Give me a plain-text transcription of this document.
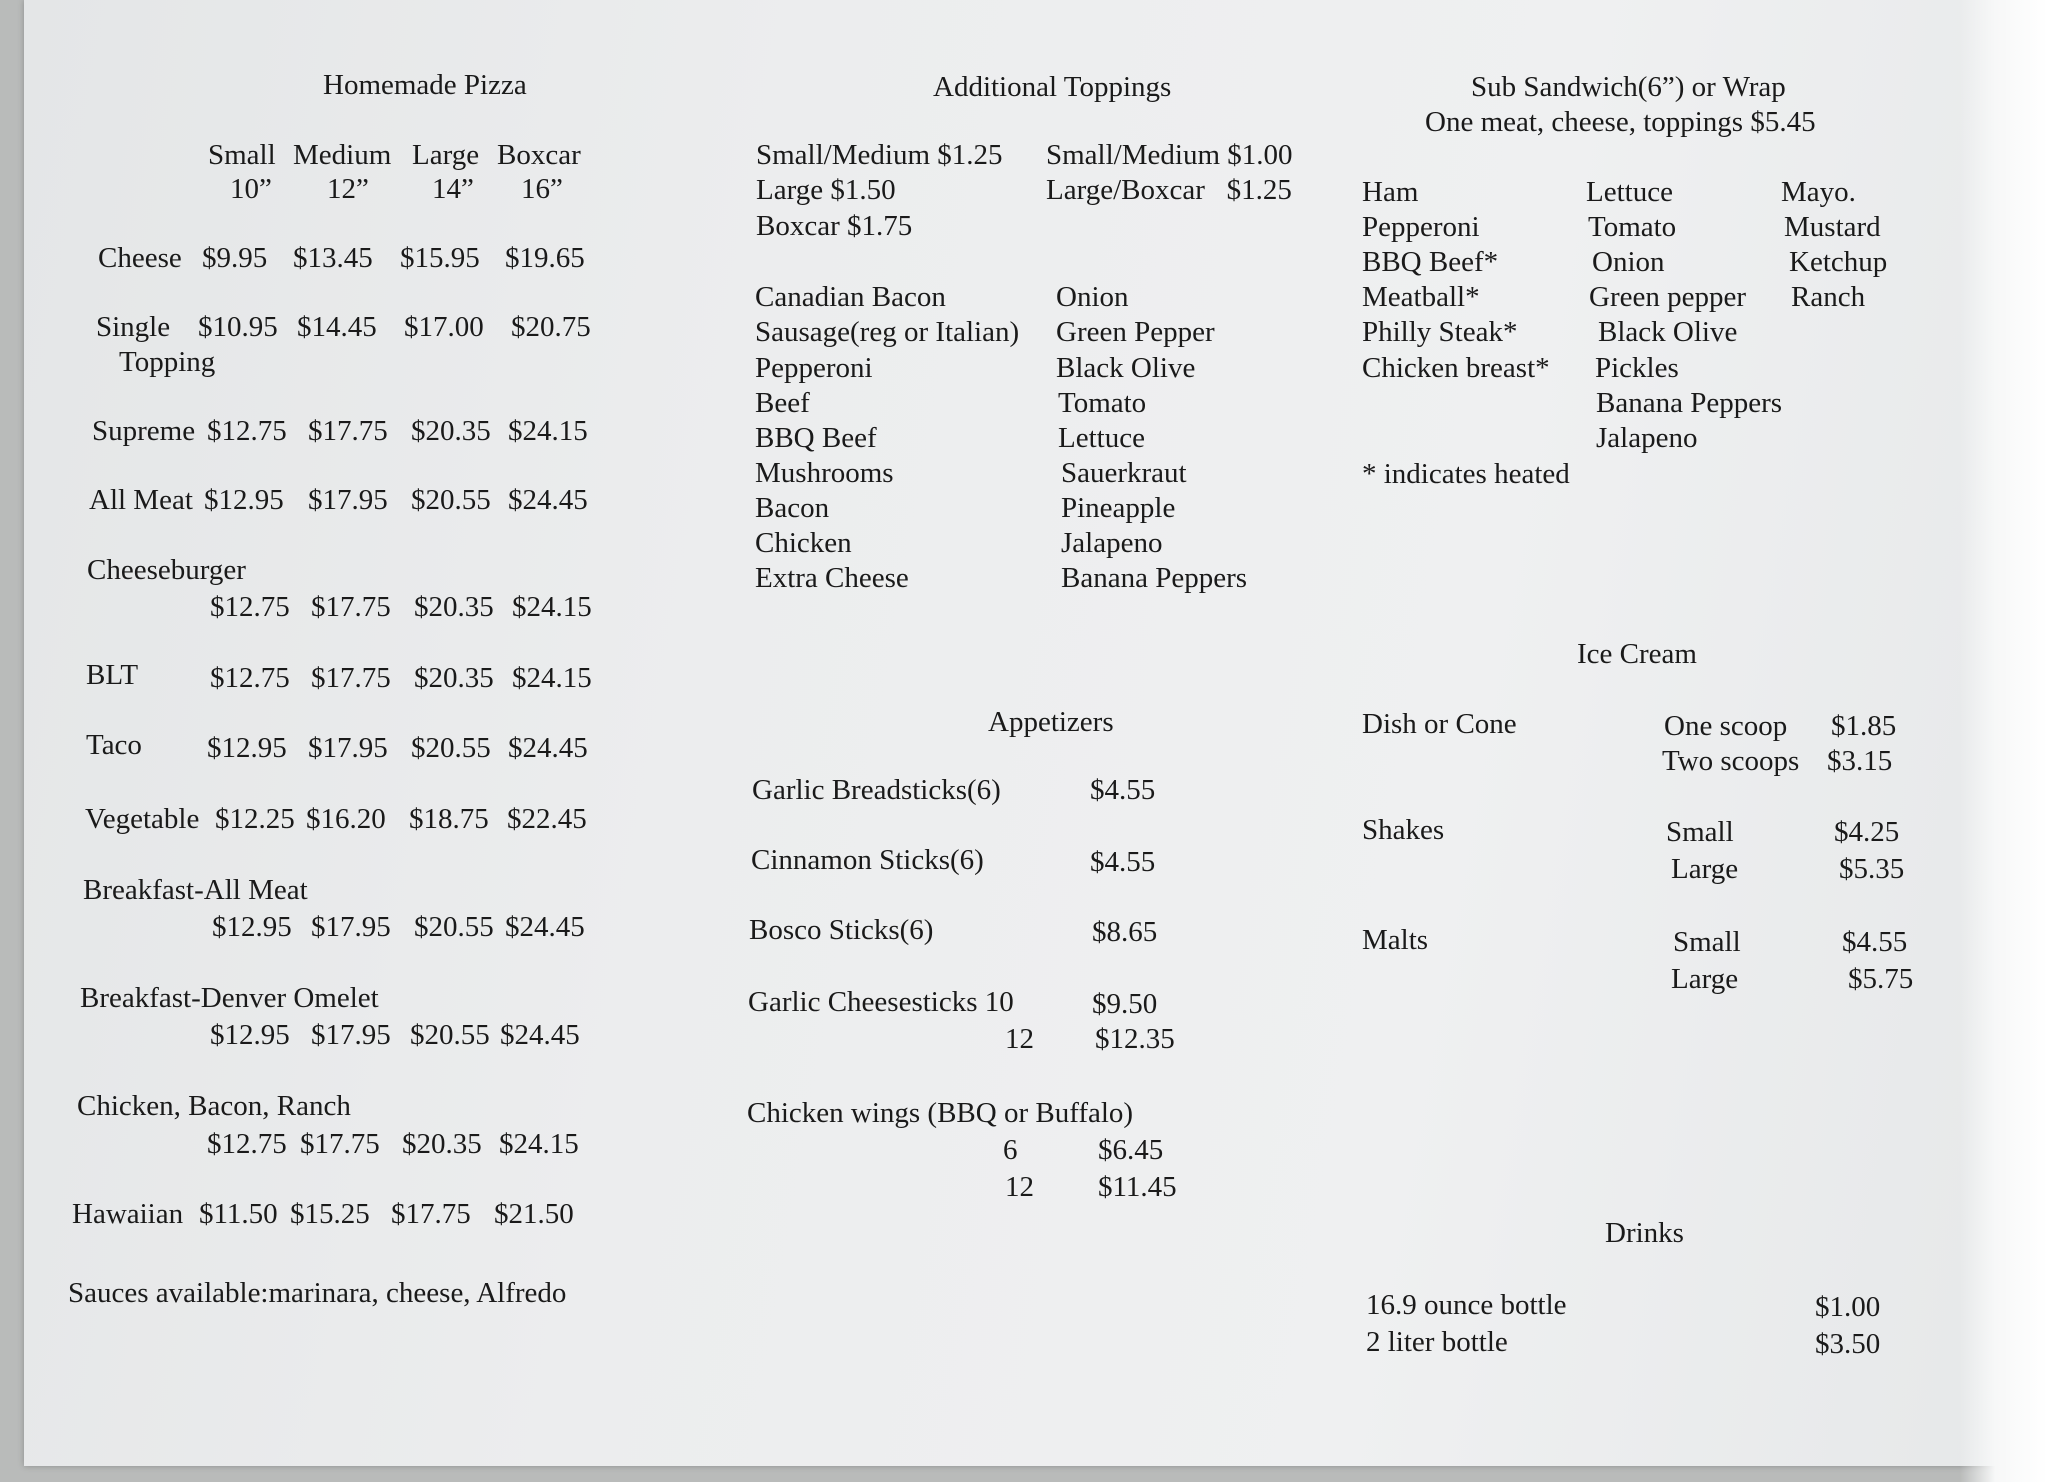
Homemade Pizza
Small Medium Large Boxcar
10” 12” 14” 16”
Cheese $9.95 $13.45 $15.95 $19.65
Single
Topping
$10.95 $14.45 $17.00 $20.75
Supreme $12.75 $17.75 $20.35 $24.15
All Meat $12.95 $17.95 $20.55 $24.45
Cheeseburger
$12.75 $17.75 $20.35 $24.15
BLT $12.75 $17.75 $20.35 $24.15
Taco $12.95 $17.95 $20.55 $24.45
Vegetable $12.25 $16.20 $18.75 $22.45
Breakfast-All Meat
$12.95 $17.95 $20.55 $24.45
Breakfast-Denver Omelet
$12.95 $17.95 $20.55 $24.45
Chicken, Bacon, Ranch
$12.75 $17.75 $20.35 $24.15
Hawaiian $11.50 $15.25 $17.75 $21.50
Sauces available:marinara, cheese, Alfredo
Additional Toppings
Small/Medium $1.25
Large $1.50
Boxcar $1.75
Small/Medium $1.00
Large/Boxcar   $1.25
Canadian Bacon
Sausage(reg or Italian)
Pepperoni
Beef
BBQ Beef
Mushrooms
Bacon
Chicken
Extra Cheese
Onion
Green Pepper
Black Olive
Tomato
Lettuce
Sauerkraut
Pineapple
Jalapeno
Banana Peppers
Appetizers
Garlic Breadsticks(6)	$4.55
Cinnamon Sticks(6)	$4.55
Bosco Sticks(6)	$8.65
Garlic Cheesesticks 10	$9.50
12 $12.35
Chicken wings (BBQ or Buffalo)
6	$6.45
12 $11.45
Sub Sandwich(6”) or Wrap
One meat, cheese, toppings $5.45
Ham
Pepperoni
BBQ Beef*
Meatball*
Philly Steak*
Chicken breast*
Lettuce
Tomato
Onion
Green pepper
Black Olive
Pickles
Banana Peppers
Jalapeno
Mayo.
Mustard
Ketchup
Ranch
* indicates heated
Ice Cream
Dish or Cone	One scoop $1.85
Two scoops $3.15
Shakes	Small	$4.25
Large	$5.35
Malts	Small	$4.55
Large	$5.75
Drinks
16.9 ounce bottle	$1.00
2 liter bottle	$3.50
